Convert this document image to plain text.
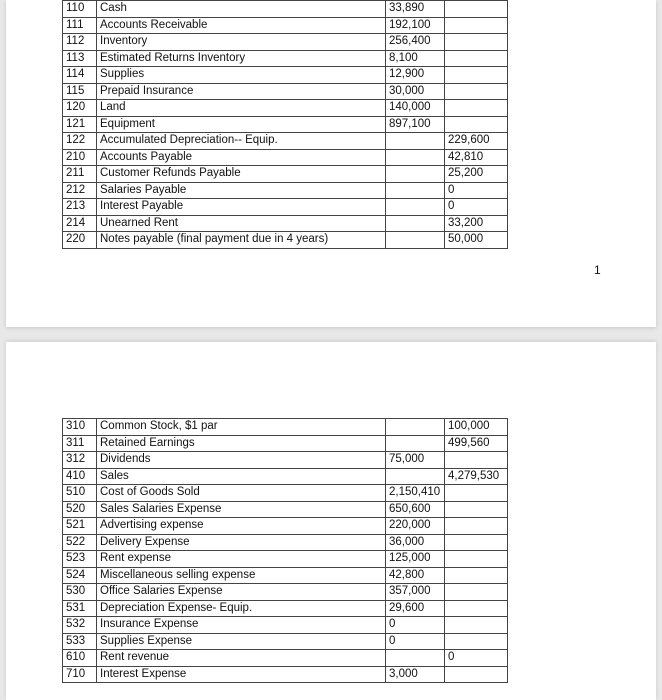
110	Cash	33,890	
111	Accounts Receivable	192,100	
112	Inventory	256,400	
113	Estimated Returns Inventory	8,100	
114	Supplies	12,900	
115	Prepaid Insurance	30,000	
120	Land	140,000	
121	Equipment	897,100	
122	Accumulated Depreciation-- Equip.		229,600
210	Accounts Payable		42,810
211	Customer Refunds Payable		25,200
212	Salaries Payable		0
213	Interest Payable		0
214	Unearned Rent		33,200
220	Notes payable (final payment due in 4 years)		50,000
1
310	Common Stock, $1 par		100,000
311	Retained Earnings		499,560
312	Dividends	75,000	
410	Sales		4,279,530
510	Cost of Goods Sold	2,150,410	
520	Sales Salaries Expense	650,600	
521	Advertising expense	220,000	
522	Delivery Expense	36,000	
523	Rent expense	125,000	
524	Miscellaneous selling expense	42,800	
530	Office Salaries Expense	357,000	
531	Depreciation Expense- Equip.	29,600	
532	Insurance Expense	0	
533	Supplies Expense	0	
610	Rent revenue		0
710	Interest Expense	3,000	
